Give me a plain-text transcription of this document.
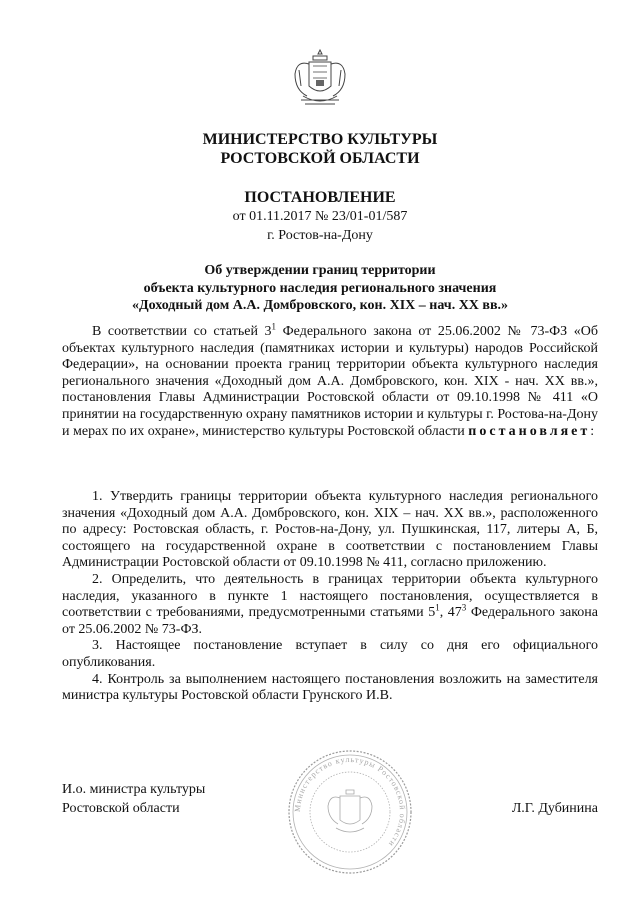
МИНИСТЕРСТВО КУЛЬТУРЫ
РОСТОВСКОЙ ОБЛАСТИ
ПОСТАНОВЛЕНИЕ
от 01.11.2017 № 23/01-01/587
г. Ростов-на-Дону
Об утверждении границ территории
объекта культурного наследия регионального значения
«Доходный дом А.А. Домбровского, кон. XIX – нач. XX вв.»
В соответствии со статьей $3^1$ Федерального закона от 25.06.2002 № 73-ФЗ «Об объектах культурного наследия (памятниках истории и культуры) народов Российской Федерации», на основании проекта границ территории объекта культурного наследия регионального значения «Доходный дом А.А. Домбровского, кон. XIX - нач. XX вв.», постановления Главы Администрации Ростовской области от 09.10.1998 № 411 «О принятии на государственную охрану памятников истории и культуры г. Ростова-на-Дону и мерах по их охране», министерство культуры Ростовской области постановляет:

1. Утвердить границы территории объекта культурного наследия регионального значения «Доходный дом А.А. Домбровского, кон. XIX – нач. XX вв.», расположенного по адресу: Ростовская область, г. Ростов-на-Дону, ул. Пушкинская, 117, литеры А, Б, состоящего на государственной охране в соответствии с постановлением Главы Администрации Ростовской области от 09.10.1998 № 411, согласно приложению.

2. Определить, что деятельность в границах территории объекта культурного наследия, указанного в пункте 1 настоящего постановления, осуществляется в соответствии с требованиями, предусмотренными статьями $5^1$, $47^3$ Федерального закона от 25.06.2002 № 73-ФЗ.

3. Настоящее постановление вступает в силу со дня его официального опубликования.

4. Контроль за выполнением настоящего постановления возложить на заместителя министра культуры Ростовской области Грунского И.В.

И.о. министра культуры
Ростовской области	Л.Г. Дубинина
Министерство культуры Ростовской области
